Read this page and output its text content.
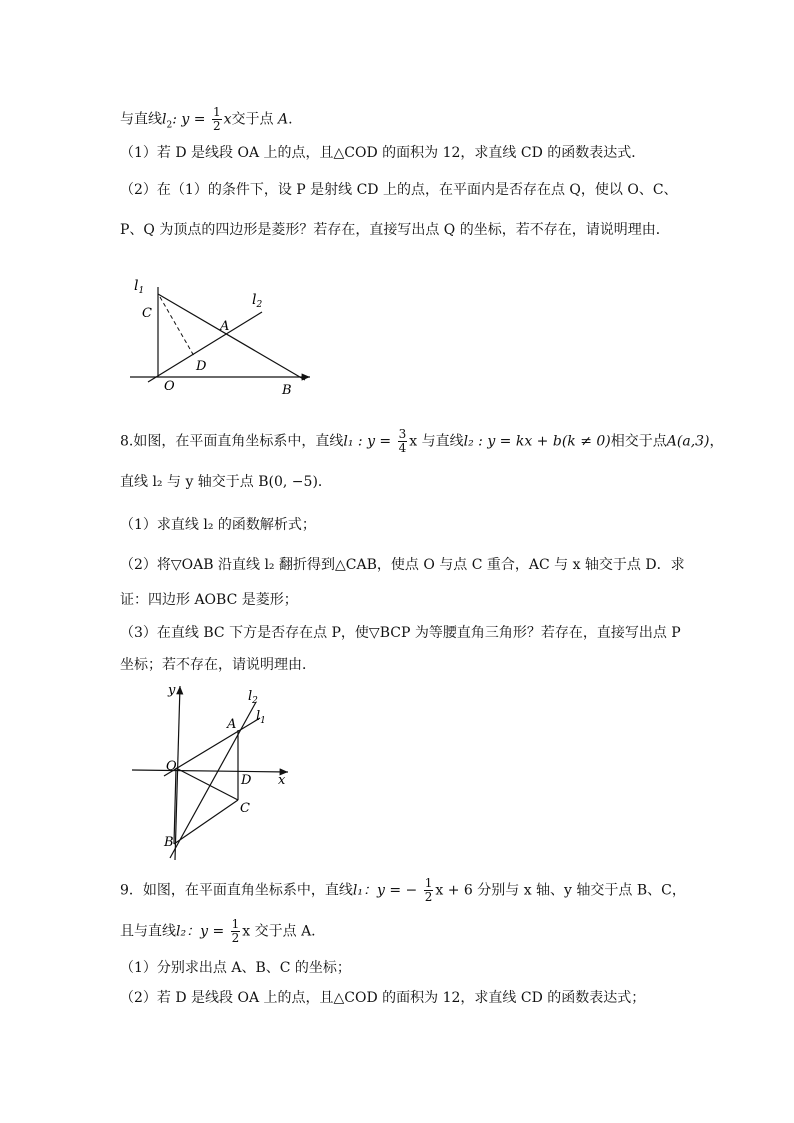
与直线$l_2$: $y = \frac{1}{2}$ x交于点 A.
（1）若 D 是线段 OA 上的点，且△COD 的面积为 12，求直线 CD 的函数表达式．
（2）在（1）的条件下，设 P 是射线 CD 上的点，在平面内是否存在点 Q，使以 O、C、
P、Q 为顶点的四边形是菱形？若存在，直接写出点 Q 的坐标，若不存在，请说明理由．
$l_1$
$l_2$
C
A
D
O	B
8.如图，在平面直角坐标系中，直线l₁ : $y = \frac{3}{4}$ x 与直线l₂ : y = kx + b(k ≠ 0)相交于点A(a,3)，
直线 l₂ 与 y 轴交于点 B(0, −5)．
（1）求直线 l₂ 的函数解析式；
（2）将▽OAB 沿直线 l₂ 翻折得到△CAB，使点 O 与点 C 重合，AC 与 x 轴交于点 D．求
证：四边形 AOBC 是菱形；
（3）在直线 BC 下方是否存在点 P，使▽BCP 为等腰直角三角形？若存在，直接写出点 P
坐标；若不存在，请说明理由．
y
x
$l_2$
$l_1$
A
O
D
C
B
9．如图，在平面直角坐标系中，直线l₁：y = − $\frac{1}{2}$ x + 6 分别与 x 轴、y 轴交于点 B、C，
且与直线l₂：$y = \frac{1}{2}$ x 交于点 A.
（1）分别求出点 A、B、C 的坐标；
（2）若 D 是线段 OA 上的点，且△COD 的面积为 12，求直线 CD 的函数表达式；
